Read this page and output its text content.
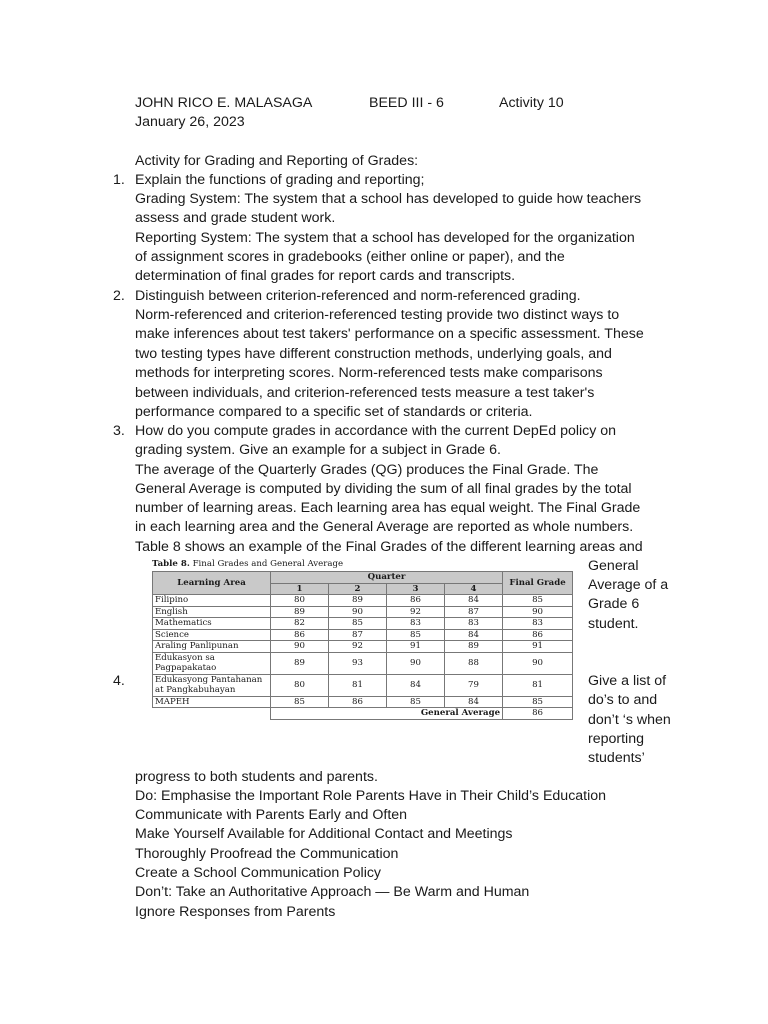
JOHN RICO E. MALASAGA	BEED III - 6	Activity 10
January 26, 2023
Activity for Grading and Reporting of Grades:
1. Explain the functions of grading and reporting;
Grading System: The system that a school has developed to guide how teachers
assess and grade student work.
Reporting System: The system that a school has developed for the organization
of assignment scores in gradebooks (either online or paper), and the
determination of final grades for report cards and transcripts.
2. Distinguish between criterion-referenced and norm-referenced grading.
Norm-referenced and criterion-referenced testing provide two distinct ways to
make inferences about test takers' performance on a specific assessment. These
two testing types have different construction methods, underlying goals, and
methods for interpreting scores. Norm-referenced tests make comparisons
between individuals, and criterion-referenced tests measure a test taker's
performance compared to a specific set of standards or criteria.
3. How do you compute grades in accordance with the current DepEd policy on
grading system. Give an example for a subject in Grade 6.
The average of the Quarterly Grades (QG) produces the Final Grade. The
General Average is computed by dividing the sum of all final grades by the total
number of learning areas. Each learning area has equal weight. The Final Grade
in each learning area and the General Average are reported as whole numbers.
Table 8 shows an example of the Final Grades of the different learning areas and
General
Average of a
Grade 6
student.
Table 8. Final Grades and General Average
Learning Area	Quarter				Final Grade
	1	2	3	4	
Filipino	80	89	86	84	85
English	89	90	92	87	90
Mathematics	82	85	83	83	83
Science	86	87	85	84	86
Araling Panlipunan	90	92	91	89	91
Edukasyon sa Pagpapakatao	89	93	90	88	90
Edukasyong Pantahanan at Pangkabuhayan	80	81	84	79	81
MAPEH	85	86	85	84	85
	General Average				86
4.	Give a list of
do’s to and
don’t ‘s when
reporting
students’
progress to both students and parents.
Do: Emphasise the Important Role Parents Have in Their Child’s Education
Communicate with Parents Early and Often
Make Yourself Available for Additional Contact and Meetings
Thoroughly Proofread the Communication
Create a School Communication Policy
Don’t: Take an Authoritative Approach — Be Warm and Human
Ignore Responses from Parents
